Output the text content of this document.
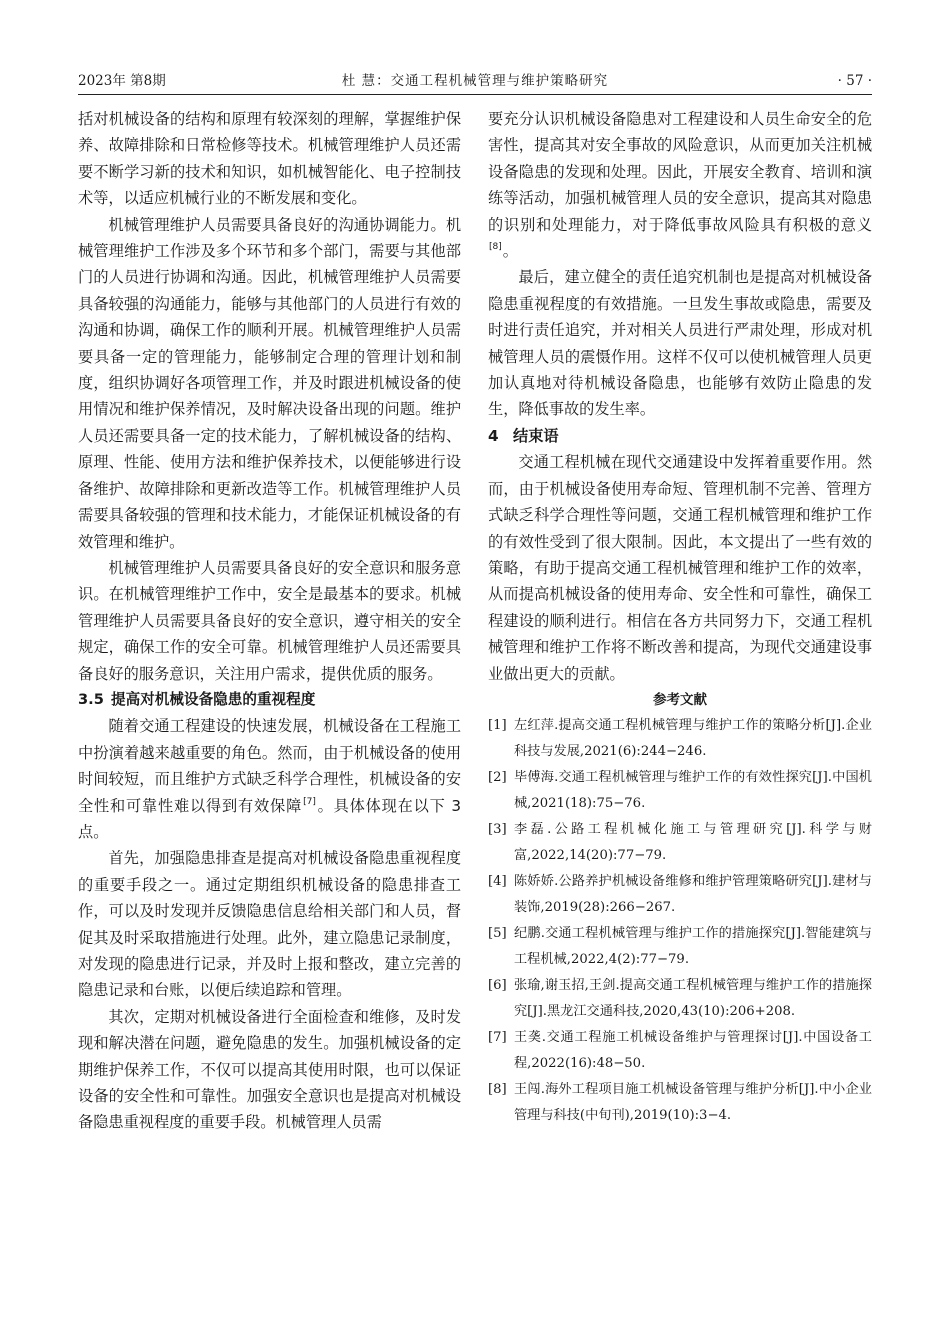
2023年 第8期	杜 慧：交通工程机械管理与维护策略研究	· 57 ·

括对机械设备的结构和原理有较深刻的理解，掌握维护保养、故障排除和日常检修等技术。机械管理维护人员还需要不断学习新的技术和知识，如机械智能化、电子控制技术等，以适应机械行业的不断发展和变化。

机械管理维护人员需要具备良好的沟通协调能力。机械管理维护工作涉及多个环节和多个部门，需要与其他部门的人员进行协调和沟通。因此，机械管理维护人员需要具备较强的沟通能力，能够与其他部门的人员进行有效的沟通和协调，确保工作的顺利开展。机械管理维护人员需要具备一定的管理能力，能够制定合理的管理计划和制度，组织协调好各项管理工作，并及时跟进机械设备的使用情况和维护保养情况，及时解决设备出现的问题。维护人员还需要具备一定的技术能力，了解机械设备的结构、原理、性能、使用方法和维护保养技术，以便能够进行设备维护、故障排除和更新改造等工作。机械管理维护人员需要具备较强的管理和技术能力，才能保证机械设备的有效管理和维护。

机械管理维护人员需要具备良好的安全意识和服务意识。在机械管理维护工作中，安全是最基本的要求。机械管理维护人员需要具备良好的安全意识，遵守相关的安全规定，确保工作的安全可靠。机械管理维护人员还需要具备良好的服务意识，关注用户需求，提供优质的服务。

3.5 提高对机械设备隐患的重视程度

随着交通工程建设的快速发展，机械设备在工程施工中扮演着越来越重要的角色。然而，由于机械设备的使用时间较短，而且维护方式缺乏科学合理性，机械设备的安全性和可靠性难以得到有效保障[7]。具体体现在以下 3 点。

首先，加强隐患排查是提高对机械设备隐患重视程度的重要手段之一。通过定期组织机械设备的隐患排查工作，可以及时发现并反馈隐患信息给相关部门和人员，督促其及时采取措施进行处理。此外，建立隐患记录制度，对发现的隐患进行记录，并及时上报和整改，建立完善的隐患记录和台账，以便后续追踪和管理。

其次，定期对机械设备进行全面检查和维修，及时发现和解决潜在问题，避免隐患的发生。加强机械设备的定期维护保养工作，不仅可以提高其使用时限，也可以保证设备的安全性和可靠性。加强安全意识也是提高对机械设备隐患重视程度的重要手段。机械管理人员需

要充分认识机械设备隐患对工程建设和人员生命安全的危害性，提高其对安全事故的风险意识，从而更加关注机械设备隐患的发现和处理。因此，开展安全教育、培训和演练等活动，加强机械管理人员的安全意识，提高其对隐患的识别和处理能力，对于降低事故风险具有积极的意义[8]。

最后，建立健全的责任追究机制也是提高对机械设备隐患重视程度的有效措施。一旦发生事故或隐患，需要及时进行责任追究，并对相关人员进行严肃处理，形成对机械管理人员的震慑作用。这样不仅可以使机械管理人员更加认真地对待机械设备隐患，也能够有效防止隐患的发生，降低事故的发生率。

4 结束语

交通工程机械在现代交通建设中发挥着重要作用。然而，由于机械设备使用寿命短、管理机制不完善、管理方式缺乏科学合理性等问题，交通工程机械管理和维护工作的有效性受到了很大限制。因此，本文提出了一些有效的策略，有助于提高交通工程机械管理和维护工作的效率，从而提高机械设备的使用寿命、安全性和可靠性，确保工程建设的顺利进行。相信在各方共同努力下，交通工程机械管理和维护工作将不断改善和提高，为现代交通建设事业做出更大的贡献。

参考文献
[1] 左红萍.提高交通工程机械管理与维护工作的策略分析[J].企业科技与发展,2021(6):244−246.
[2] 毕傅海.交通工程机械管理与维护工作的有效性探究[J].中国机械,2021(18):75−76.
[3] 李磊.公路工程机械化施工与管理研究[J].科学与财富,2022,14(20):77−79.
[4] 陈娇娇.公路养护机械设备维修和维护管理策略研究[J].建材与装饰,2019(28):266−267.
[5] 纪鹏.交通工程机械管理与维护工作的措施探究[J].智能建筑与工程机械,2022,4(2):77−79.
[6] 张瑜,谢玉招,王剑.提高交通工程机械管理与维护工作的措施探究[J].黑龙江交通科技,2020,43(10):206+208.
[7] 王䶮.交通工程施工机械设备维护与管理探讨[J].中国设备工程,2022(16):48−50.
[8] 王闯.海外工程项目施工机械设备管理与维护分析[J].中小企业管理与科技(中旬刊),2019(10):3−4.
